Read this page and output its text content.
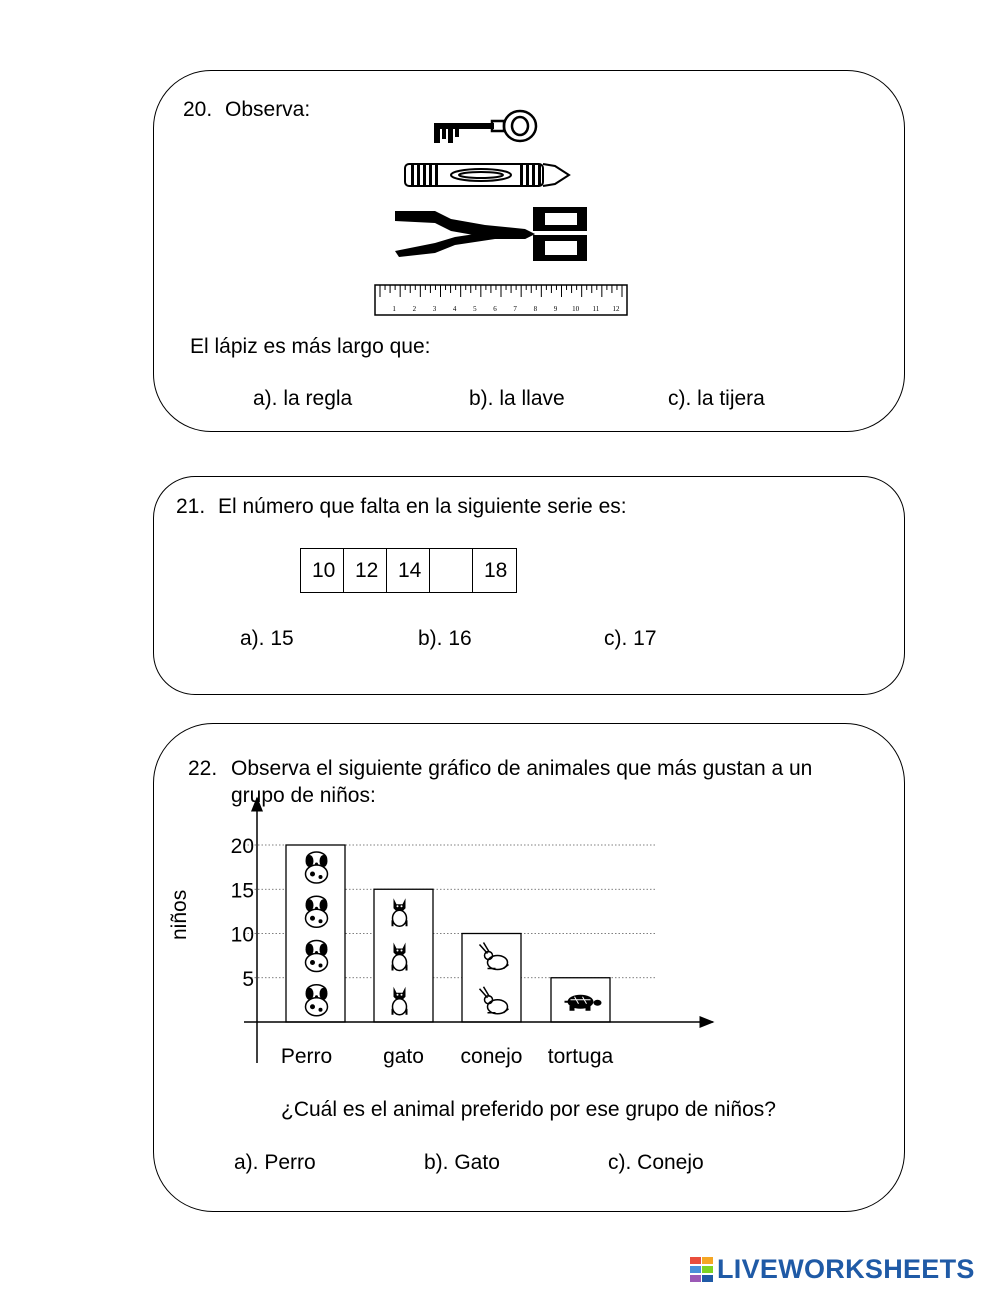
20. Observa:
1 2 3 4 5 6 7 8 9 10 11 12
El lápiz es más largo que:
a). la regla	b). la llave	c). la tijera
21. El número que falta en la siguiente serie es:
10 12 14	18
a). 15	b). 16	c). 17
22. Observa el siguiente gráfico de animales que más gustan a un
grupo de niños:
niños
5
10
15
20
Perro gato conejo tortuga
¿Cuál es el animal preferido por ese grupo de niños?
a). Perro	b). Gato	c). Conejo
LIVEWORKSHEETS
